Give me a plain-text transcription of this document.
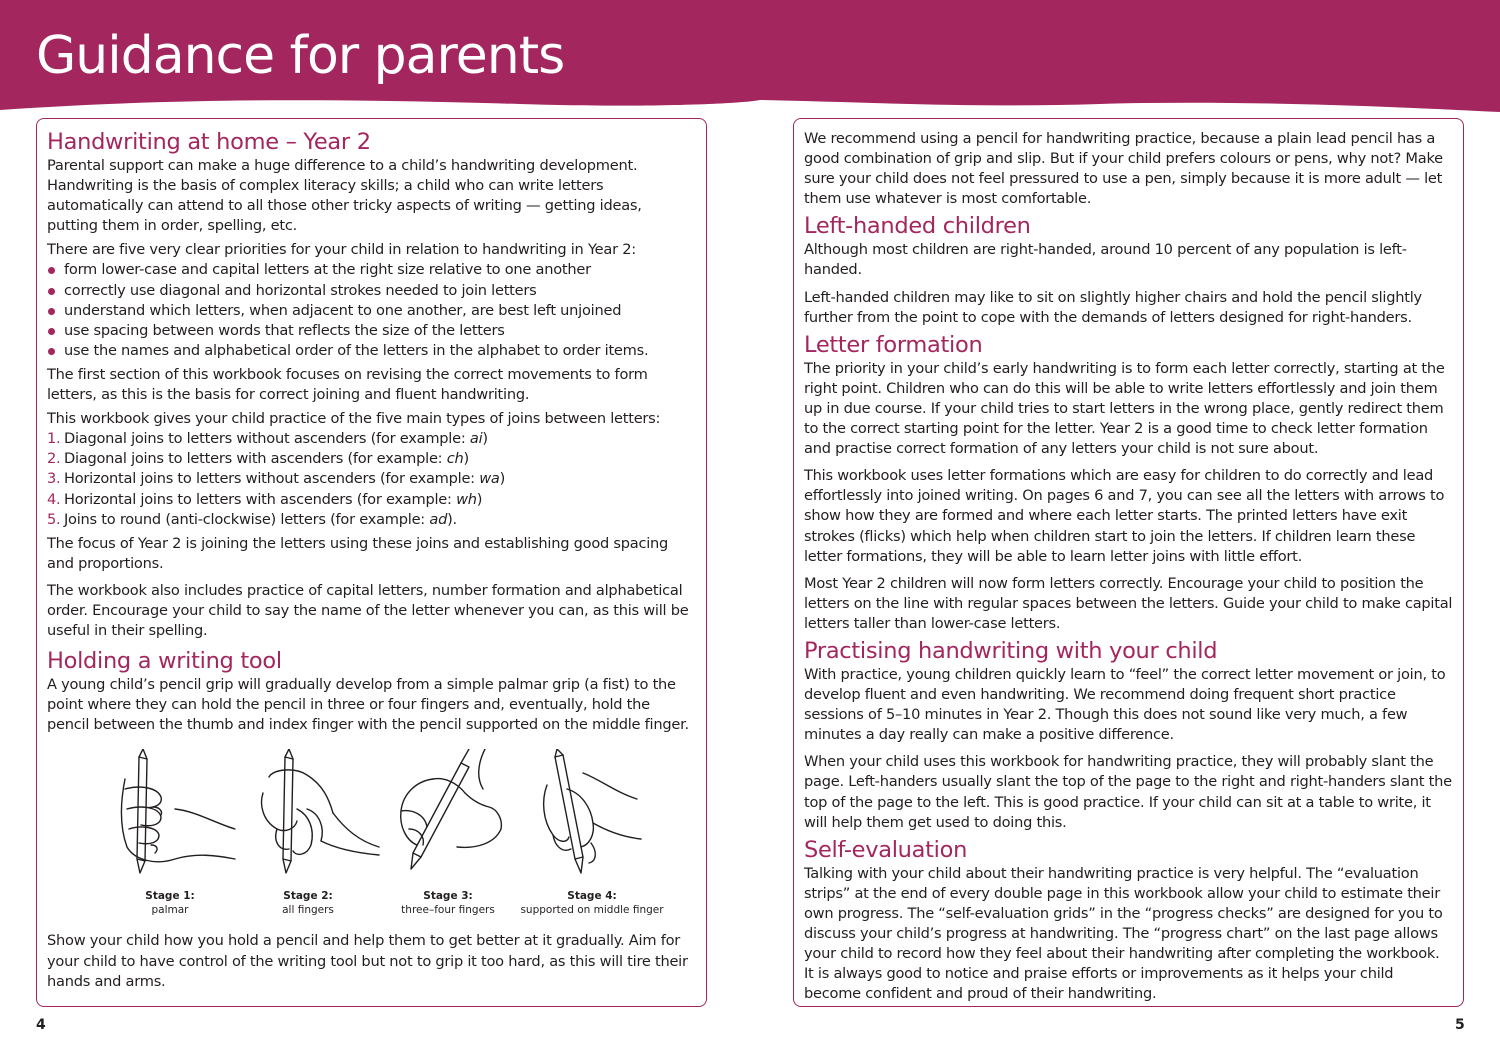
Guidance for parents
Handwriting at home – Year 2

Parental support can make a huge difference to a child’s handwriting development. Handwriting is the basis of complex literacy skills; a child who can write letters automatically can attend to all those other tricky aspects of writing — getting ideas, putting them in order, spelling, etc.

There are five very clear priorities for your child in relation to handwriting in Year 2:

form lower-case and capital letters at the right size relative to one another
correctly use diagonal and horizontal strokes needed to join letters
understand which letters, when adjacent to one another, are best left unjoined
use spacing between words that reflects the size of the letters
use the names and alphabetical order of the letters in the alphabet to order items.

The first section of this workbook focuses on revising the correct movements to form letters, as this is the basis for correct joining and fluent handwriting.

This workbook gives your child practice of the five main types of joins between letters:

1. Diagonal joins to letters without ascenders (for example: ai)
2. Diagonal joins to letters with ascenders (for example: ch)
3. Horizontal joins to letters without ascenders (for example: wa)
4. Horizontal joins to letters with ascenders (for example: wh)
5. Joins to round (anti-clockwise) letters (for example: ad).

The focus of Year 2 is joining the letters using these joins and establishing good spacing and proportions.

The workbook also includes practice of capital letters, number formation and alphabetical order. Encourage your child to say the name of the letter whenever you can, as this will be useful in their spelling.

Holding a writing tool

A young child’s pencil grip will gradually develop from a simple palmar grip (a fist) to the point where they can hold the pencil in three or four fingers and, eventually, hold the pencil between the thumb and index finger with the pencil supported on the middle finger.

Stage 1:
palmar
Stage 2:
all fingers
Stage 3:
three–four fingers
Stage 4:
supported on middle finger

Show your child how you hold a pencil and help them to get better at it gradually. Aim for your child to have control of the writing tool but not to grip it too hard, as this will tire their hands and arms.

We recommend using a pencil for handwriting practice, because a plain lead pencil has a good combination of grip and slip. But if your child prefers colours or pens, why not? Make sure your child does not feel pressured to use a pen, simply because it is more adult — let them use whatever is most comfortable.

Left-handed children

Although most children are right-handed, around 10 percent of any population is left-handed.

Left-handed children may like to sit on slightly higher chairs and hold the pencil slightly further from the point to cope with the demands of letters designed for right-handers.

Letter formation

The priority in your child’s early handwriting is to form each letter correctly, starting at the right point. Children who can do this will be able to write letters effortlessly and join them up in due course. If your child tries to start letters in the wrong place, gently redirect them to the correct starting point for the letter. Year 2 is a good time to check letter formation and practise correct formation of any letters your child is not sure about.

This workbook uses letter formations which are easy for children to do correctly and lead effortlessly into joined writing. On pages 6 and 7, you can see all the letters with arrows to show how they are formed and where each letter starts. The printed letters have exit strokes (flicks) which help when children start to join the letters. If children learn these letter formations, they will be able to learn letter joins with little effort.

Most Year 2 children will now form letters correctly. Encourage your child to position the letters on the line with regular spaces between the letters. Guide your child to make capital letters taller than lower-case letters.

Practising handwriting with your child

With practice, young children quickly learn to “feel” the correct letter movement or join, to develop fluent and even handwriting. We recommend doing frequent short practice sessions of 5–10 minutes in Year 2. Though this does not sound like very much, a few minutes a day really can make a positive difference.

When your child uses this workbook for handwriting practice, they will probably slant the page. Left-handers usually slant the top of the page to the right and right-handers slant the top of the page to the left. This is good practice. If your child can sit at a table to write, it will help them get used to doing this.

Self-evaluation

Talking with your child about their handwriting practice is very helpful. The “evaluation strips” at the end of every double page in this workbook allow your child to estimate their own progress. The “self-evaluation grids” in the “progress checks” are designed for you to discuss your child’s progress at handwriting. The “progress chart” on the last page allows your child to record how they feel about their handwriting after completing the workbook. It is always good to notice and praise efforts or improvements as it helps your child become confident and proud of their handwriting.

4	5
